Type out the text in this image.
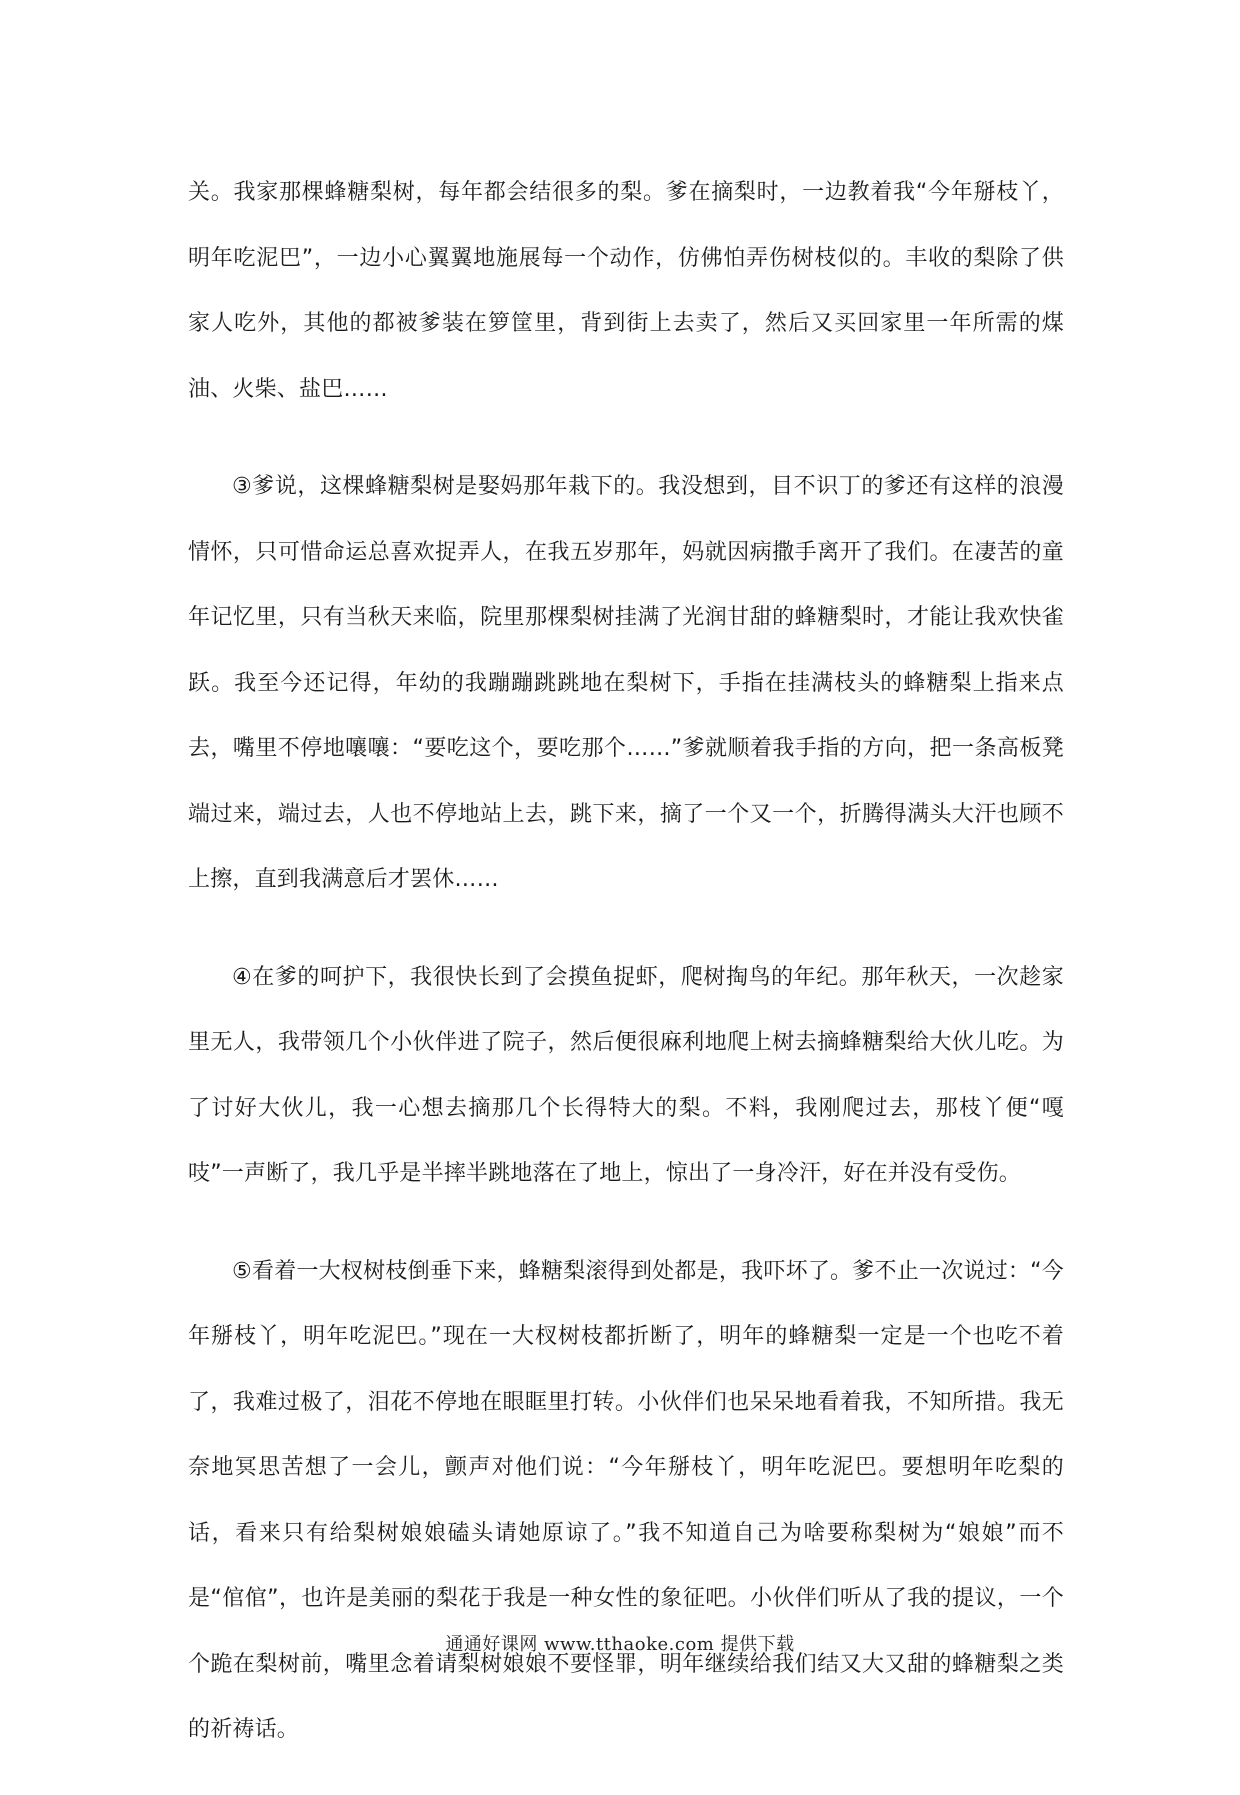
关。我家那棵蜂糖梨树，每年都会结很多的梨。爹在摘梨时，一边教着我“今年掰枝丫，明年吃泥巴”，一边小心翼翼地施展每一个动作，仿佛怕弄伤树枝似的。丰收的梨除了供家人吃外，其他的都被爹装在箩筐里，背到街上去卖了，然后又买回家里一年所需的煤油、火柴、盐巴……

③爹说，这棵蜂糖梨树是娶妈那年栽下的。我没想到，目不识丁的爹还有这样的浪漫情怀，只可惜命运总喜欢捉弄人，在我五岁那年，妈就因病撒手离开了我们。在凄苦的童年记忆里，只有当秋天来临，院里那棵梨树挂满了光润甘甜的蜂糖梨时，才能让我欢快雀跃。我至今还记得，年幼的我蹦蹦跳跳地在梨树下，手指在挂满枝头的蜂糖梨上指来点去，嘴里不停地嚷嚷：“要吃这个，要吃那个……”爹就顺着我手指的方向，把一条高板凳端过来，端过去，人也不停地站上去，跳下来，摘了一个又一个，折腾得满头大汗也顾不上擦，直到我满意后才罢休……

④在爹的呵护下，我很快长到了会摸鱼捉虾，爬树掏鸟的年纪。那年秋天，一次趁家里无人，我带领几个小伙伴进了院子，然后便很麻利地爬上树去摘蜂糖梨给大伙儿吃。为了讨好大伙儿，我一心想去摘那几个长得特大的梨。不料，我刚爬过去，那枝丫便“嘎吱”一声断了，我几乎是半摔半跳地落在了地上，惊出了一身冷汗，好在并没有受伤。

⑤看着一大杈树枝倒垂下来，蜂糖梨滚得到处都是，我吓坏了。爹不止一次说过：“今年掰枝丫，明年吃泥巴。”现在一大杈树枝都折断了，明年的蜂糖梨一定是一个也吃不着了，我难过极了，泪花不停地在眼眶里打转。小伙伴们也呆呆地看着我，不知所措。我无奈地冥思苦想了一会儿，颤声对他们说：“今年掰枝丫，明年吃泥巴。要想明年吃梨的话，看来只有给梨树娘娘磕头请她原谅了。”我不知道自己为啥要称梨树为“娘娘”而不是“倌倌”，也许是美丽的梨花于我是一种女性的象征吧。小伙伴们听从了我的提议，一个个跪在梨树前，嘴里念着请梨树娘娘不要怪罪，明年继续给我们结又大又甜的蜂糖梨之类的祈祷话。

通通好课网 www.tthaoke.com 提供下载
